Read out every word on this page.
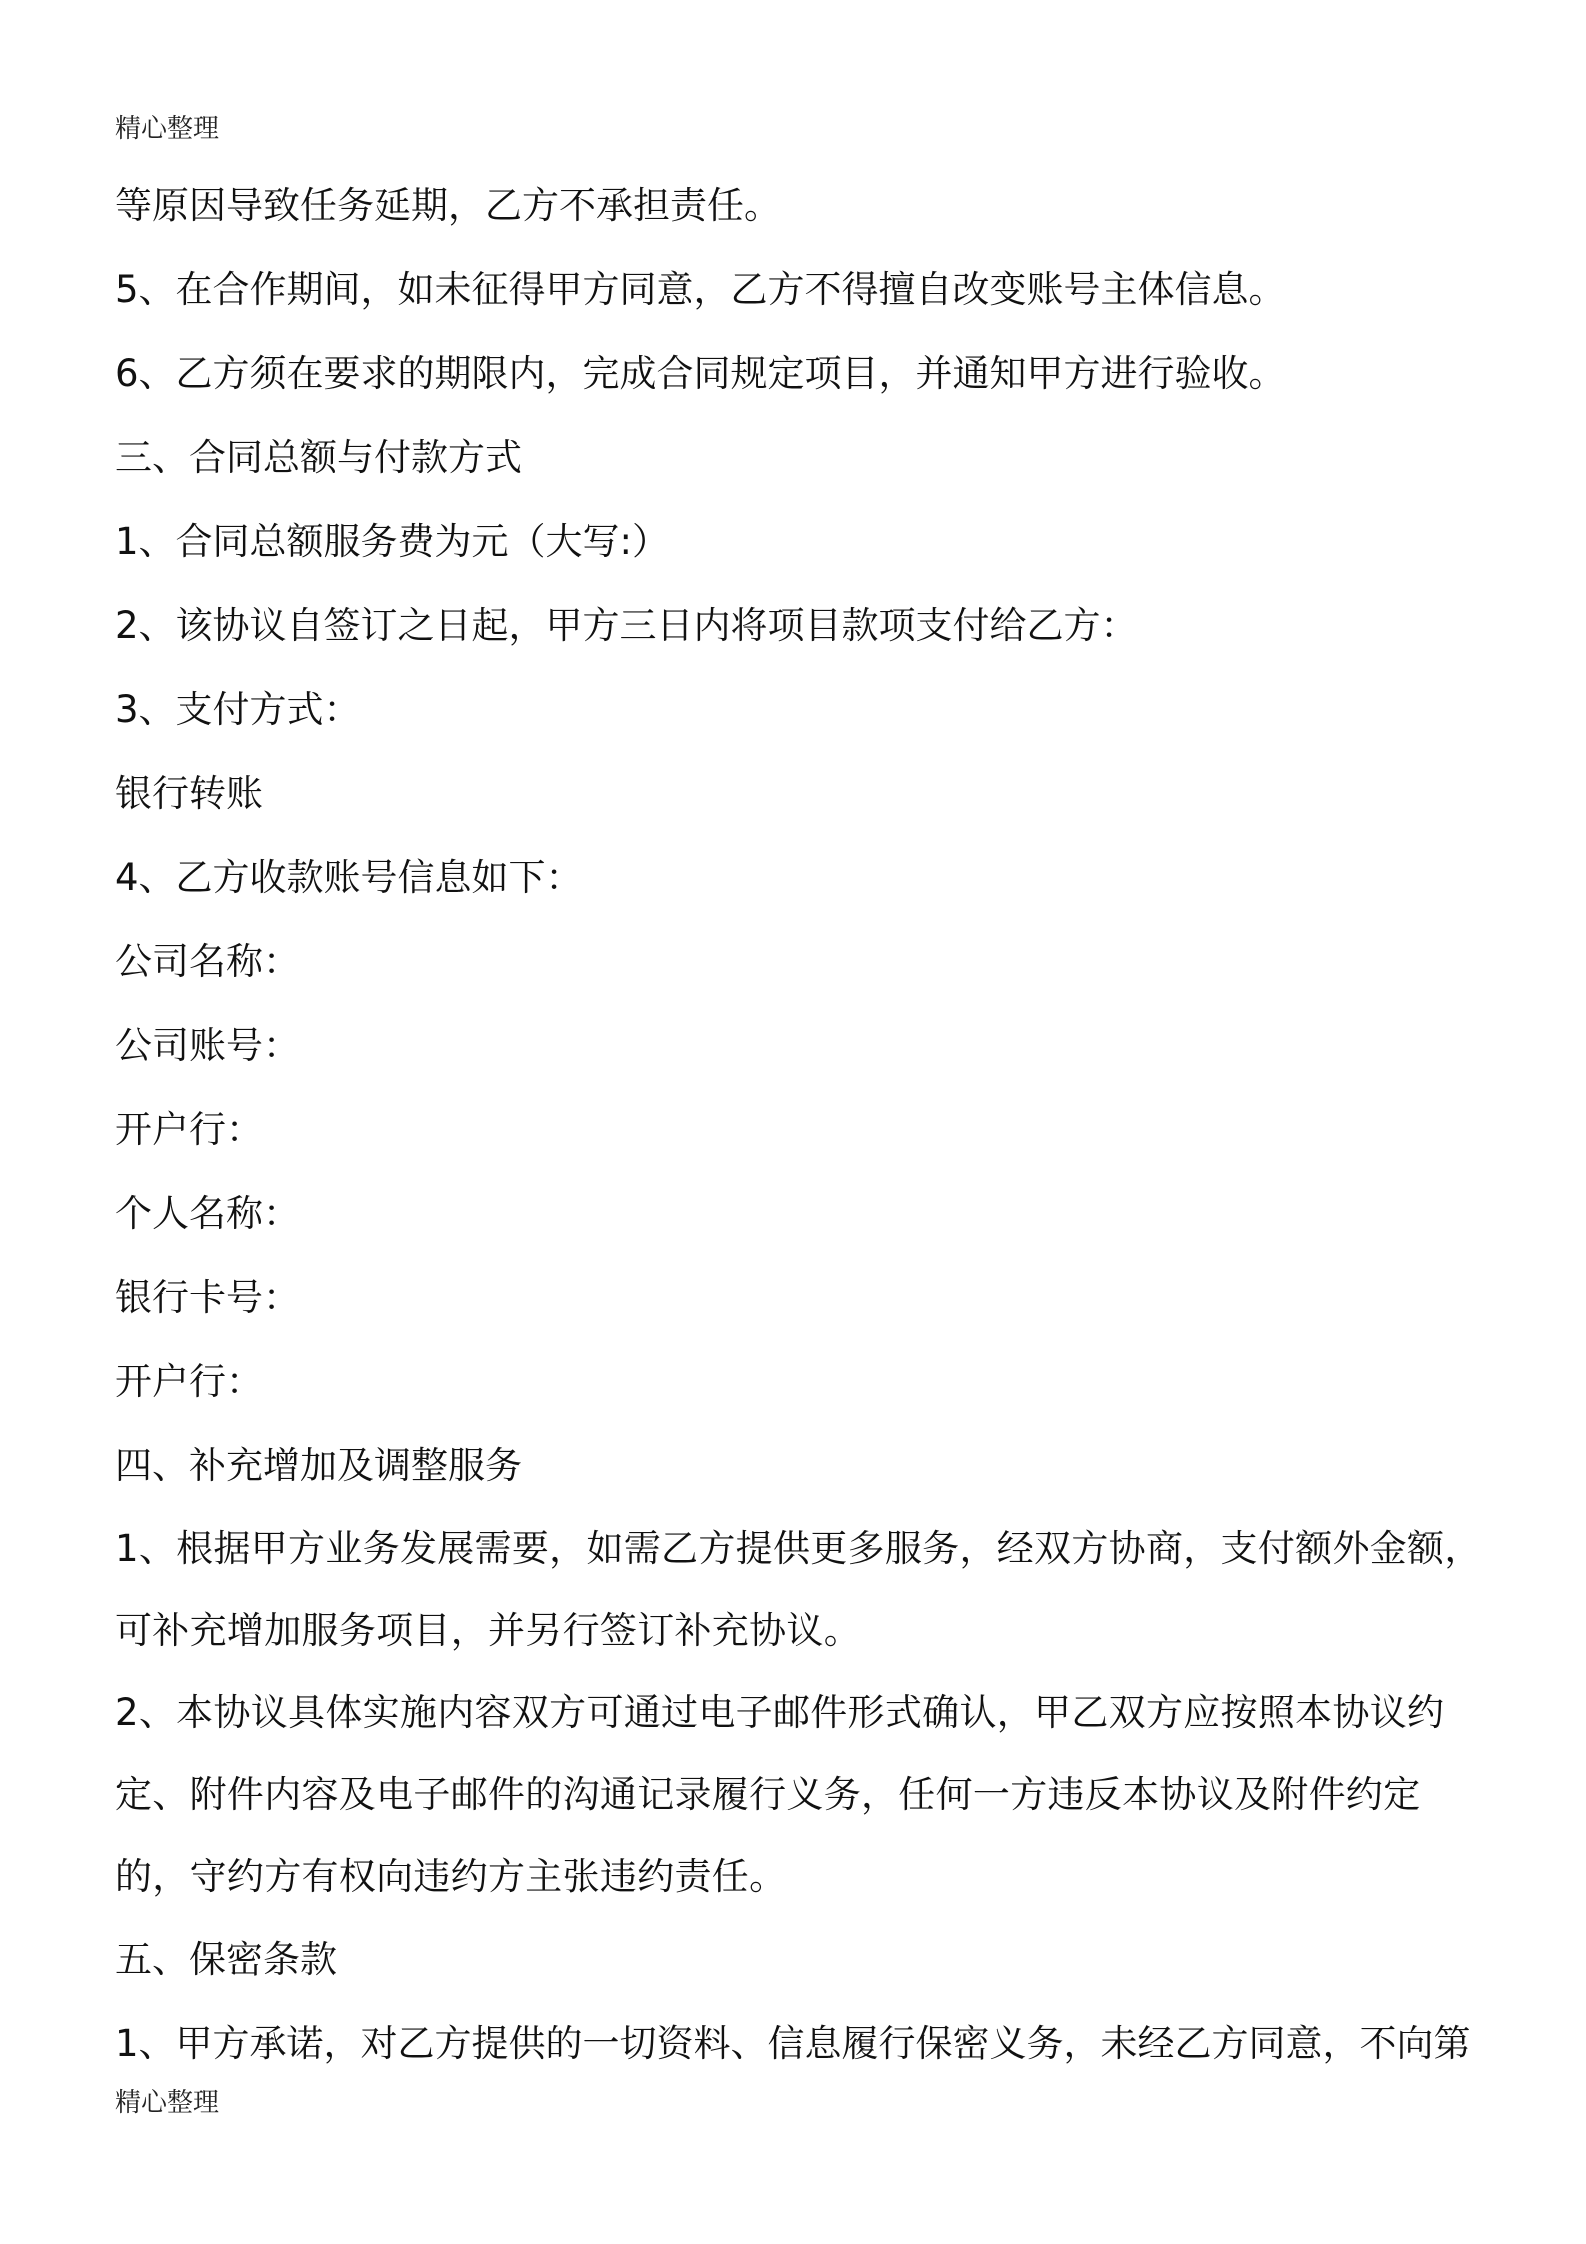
精心整理

等原因导致任务延期，乙方不承担责任。

5、在合作期间，如未征得甲方同意，乙方不得擅自改变账号主体信息。

6、乙方须在要求的期限内，完成合同规定项目，并通知甲方进行验收。

三、合同总额与付款方式

1、合同总额服务费为元（大写:）

2、该协议自签订之日起，甲方三日内将项目款项支付给乙方：

3、支付方式：

银行转账

4、乙方收款账号信息如下：

公司名称：

公司账号：

开户行：

个人名称：

银行卡号：

开户行：

四、补充增加及调整服务

1、根据甲方业务发展需要，如需乙方提供更多服务，经双方协商，支付额外金额，可补充增加服务项目，并另行签订补充协议。

2、本协议具体实施内容双方可通过电子邮件形式确认，甲乙双方应按照本协议约定、附件内容及电子邮件的沟通记录履行义务，任何一方违反本协议及附件约定的，守约方有权向违约方主张违约责任。

五、保密条款

1、甲方承诺，对乙方提供的一切资料、信息履行保密义务，未经乙方同意，不向第

精心整理
